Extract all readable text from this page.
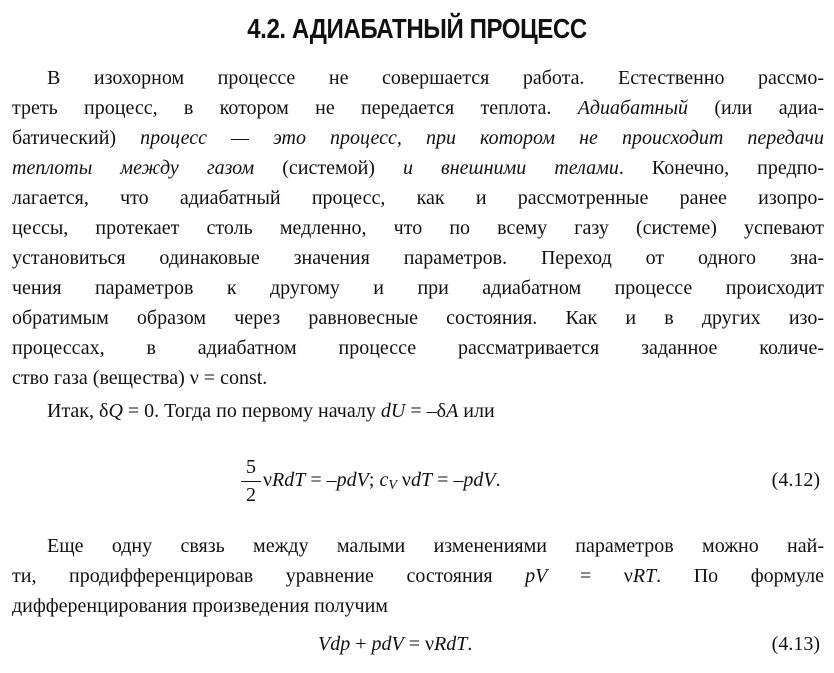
4.2. АДИАБАТНЫЙ ПРОЦЕСС
В изохорном процессе не совершается работа. Естественно рассмо-
треть процесс, в котором не передается теплота. Адиабатный (или адиа-
батический) процесс — это процесс, при котором не происходит передачи
теплоты между газом (системой) и внешними телами. Конечно, предпо-
лагается, что адиабатный процесс, как и рассмотренные ранее изопро-
цессы, протекает столь медленно, что по всему газу (системе) успевают
установиться одинаковые значения параметров. Переход от одного зна-
чения параметров к другому и при адиабатном процессе происходит
обратимым образом через равновесные состояния. Как и в других изо-
процессах, в адиабатном процессе рассматривается заданное количе-
ство газа (вещества) ν = const.
Итак, δQ = 0. Тогда по первому началу dU = –δA или
5
2
νRdT = –pdV; $c_V$ νdT = –pdV.	(4.12)
Еще одну связь между малыми изменениями параметров можно най-
ти, продифференцировав уравнение состояния pV = νRT. По формуле
дифференцирования произведения получим
Vdp + pdV = νRdT.	(4.13)
